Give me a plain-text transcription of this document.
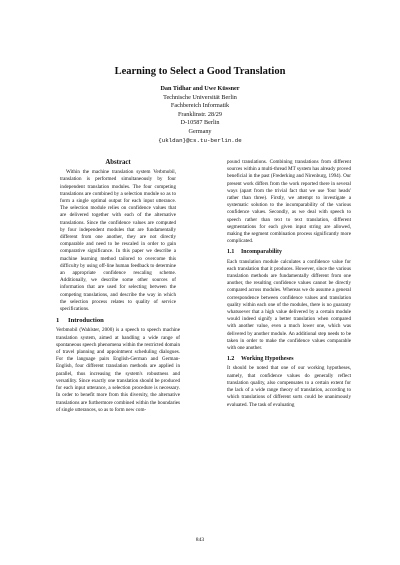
Learning to Select a Good Translation
Dan Tidhar and Uwe Küssner
Technische Universität Berlin
Fachbereich Informatik
Franklinstr. 28/29
D-10587 Berlin
Germany
{ukldan}@cs.tu-berlin.de
Abstract

Within the machine translation system Verbmobil, translation is performed simultaneously by four independent translation modules. The four competing translations are combined by a selection module so as to form a single optimal output for each input utterance. The selection module relies on confidence values that are delivered together with each of the alternative translations. Since the confidence values are computed by four independent modules that are fundamentally different from one another, they are not directly comparable and need to be rescaled in order to gain comparative significance. In this paper we describe a machine learning method tailored to overcome this difficulty by using off-line human feedback to determine an appropriate confidence rescaling scheme. Additionally, we describe some other sources of information that are used for selecting between the competing translations, and describe the way in which the selection process relates to quality of service specifications.

1 Introduction

Verbmobil (Wahlster, 2000) is a speech to speech machine translation system, aimed at handling a wide range of spontaneous speech phenomena within the restricted domain of travel planning and appointment scheduling dialogues. For the language pairs English-German and German-English, four different translation methods are applied in parallel, thus increasing the system's robustness and versatility. Since exactly one translation should be produced for each input utterance, a selection procedure is necessary. In order to benefit more from this diversity, the alternative translations are furthermore combined within the boundaries of single utterances, so as to form new com-

pound translations. Combining translations from different sources within a multi-thread MT system has already proved beneficial in the past (Frederking and Nirenburg, 1994). Our present work differs from the work reported there in several ways (apart from the trivial fact that we use 'four heads' rather than three). Firstly, we attempt to investigate a systematic solution to the incomparability of the various confidence values. Secondly, as we deal with speech to speech rather than text to text translation, different segmentations for each given input string are allowed, making the segment combination process significantly more complicated.

1.1 Incomparability

Each translation module calculates a confidence value for each translation that it produces. However, since the various translation methods are fundamentally different from one another, the resulting confidence values cannot be directly compared across modules. Whereas we do assume a general correspondence between confidence values and translation quality within each one of the modules, there is no guaranty whatsoever that a high value delivered by a certain module would indeed signify a better translation when compared with another value, even a much lower one, which was delivered by another module. An additional step needs to be taken in order to make the confidence values comparable with one another.

1.2 Working Hypotheses

It should be noted that one of our working hypotheses, namely, that confidence values do generally reflect translation quality, also compensates to a certain extent for the lack of a wide range theory of translation, according to which translations of different sorts could be unanimously evaluated. The task of evaluating

843
